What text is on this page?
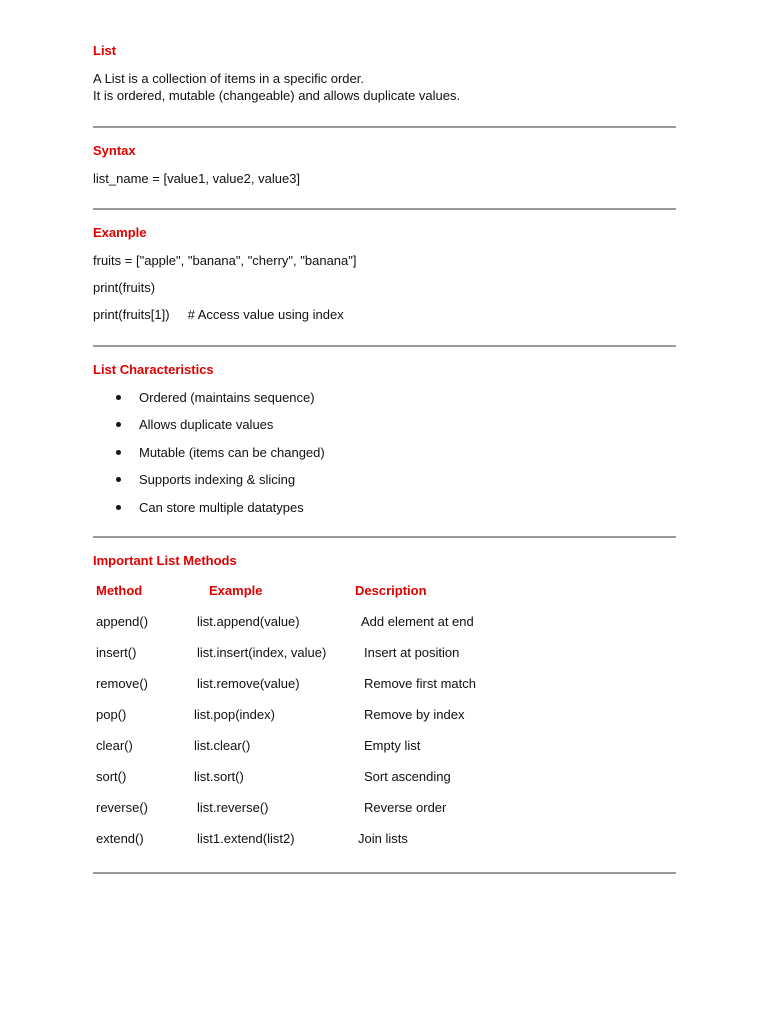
List
A List is a collection of items in a specific order.
It is ordered, mutable (changeable) and allows duplicate values.
Syntax
list_name = [value1, value2, value3]
Example
fruits = ["apple", "banana", "cherry", "banana"]
print(fruits)
print(fruits[1])     # Access value using index
List Characteristics
Ordered (maintains sequence)
Allows duplicate values
Mutable (items can be changed)
Supports indexing & slicing
Can store multiple datatypes
Important List Methods
Method	Example	Description
append()	list.append(value)	Add element at end
insert()	list.insert(index, value)	Insert at position
remove()	list.remove(value)	Remove first match
pop()	list.pop(index)	Remove by index
clear()	list.clear()	Empty list
sort()	list.sort()	Sort ascending
reverse()	list.reverse()	Reverse order
extend()	list1.extend(list2)	Join lists
